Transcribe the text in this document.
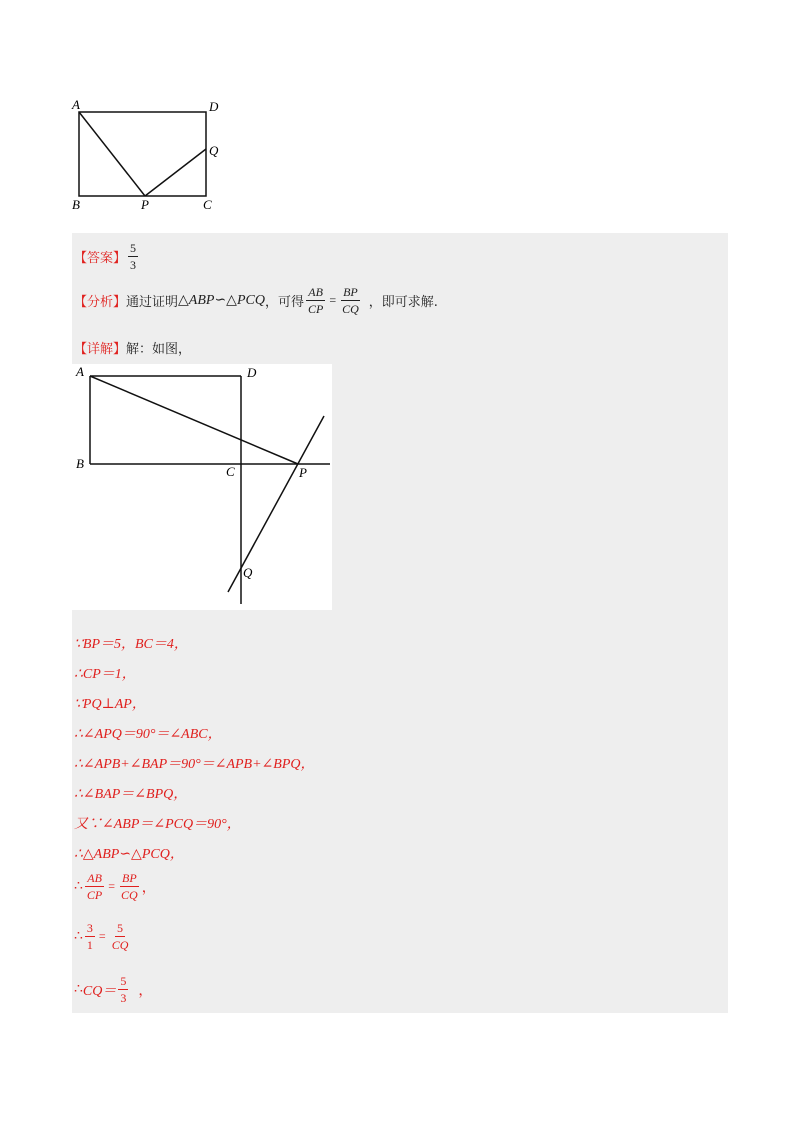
A	D
Q
B	P	C
【答案】 $\frac{5}{3}$
【分析】 通过证明 △ABP∽△PCQ ，可得 $\frac{AB}{CP} = \frac{BP}{CQ}$ ，即可求解.
【详解】 解：如图，
A	D
B
C	P
Q
∵BP＝5，BC＝4，
∴CP＝1，
∵PQ⊥AP，
∴∠APQ＝90°＝∠ABC，
∴∠APB+∠BAP＝90°＝∠APB+∠BPQ，
∴∠BAP＝∠BPQ，
又∵∠ABP＝∠PCQ＝90°，
∴△ABP∽△PCQ，
∴ $\frac{AB}{CP} = \frac{BP}{CQ}$ ，
∴ $\frac{3}{1} = \frac{5}{CQ}$
∴ $CQ= \frac{5}{3}$ ，
